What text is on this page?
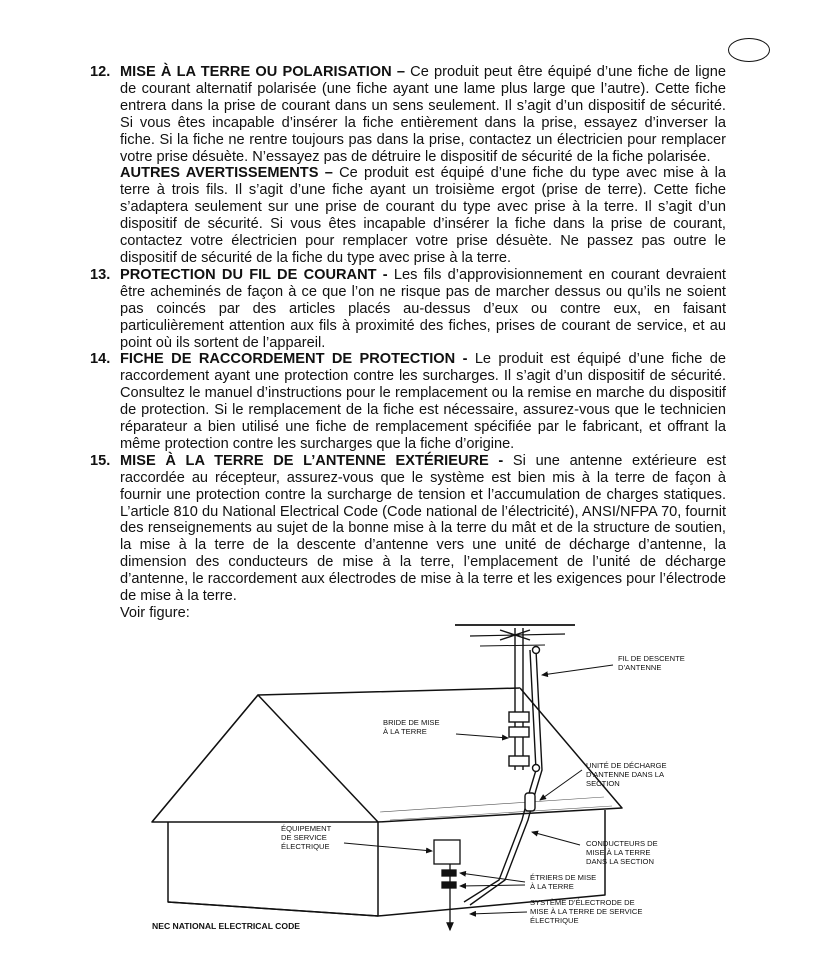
12. MISE À LA TERRE OU POLARISATION – Ce produit peut être équipé d’une fiche de ligne de courant alternatif polarisée (une fiche ayant une lame plus large que l’autre). Cette fiche entrera dans la prise de courant dans un sens seulement. Il s’agit d’un dispositif de sécurité. Si vous êtes incapable d’insérer la fiche entièrement dans la prise, essayez d’inverser la fiche. Si la fiche ne rentre toujours pas dans la prise, contactez un électricien pour remplacer votre prise désuète. N’essayez pas de détruire le dispositif de sécurité de la fiche polarisée.
AUTRES AVERTISSEMENTS – Ce produit est équipé d’une fiche du type avec mise à la terre à trois fils. Il s’agit d’une fiche ayant un troisième ergot (prise de terre). Cette fiche s’adaptera seulement sur une prise de courant du type avec prise à la terre. Il s’agit d’un dispositif de sécurité. Si vous êtes incapable d’insérer la fiche dans la prise de courant, contactez votre électricien pour remplacer votre prise désuète. Ne passez pas outre le dispositif de sécurité de la fiche du type avec prise à la terre.
13. PROTECTION DU FIL DE COURANT - Les fils d’approvisionnement en courant devraient être acheminés de façon à ce que l’on ne risque pas de marcher dessus ou qu’ils ne soient pas coincés par des articles placés au-dessus d’eux ou contre eux, en faisant particulièrement attention aux fils à proximité des fiches, prises de courant de service, et au point où ils sortent de l’appareil.
14. FICHE DE RACCORDEMENT DE PROTECTION - Le produit est équipé d’une fiche de raccordement ayant une protection contre les surcharges. Il s’agit d’un dispositif de sécurité. Consultez le manuel d’instructions pour le remplacement ou la remise en marche du dispositif de protection. Si le remplacement de la fiche est nécessaire, assurez-vous que le technicien réparateur a bien utilisé une fiche de remplacement spécifiée par le fabricant, et offrant la même protection contre les surcharges que la fiche d’origine.
15. MISE À LA TERRE DE L’ANTENNE EXTÉRIEURE - Si une antenne extérieure est raccordée au récepteur, assurez-vous que le système est bien mis à la terre de façon à fournir une protection contre la surcharge de tension et l’accumulation de charges statiques. L’article 810 du National Electrical Code (Code national de l’électricité), ANSI/NFPA 70, fournit des renseignements au sujet de la bonne mise à la terre du mât et de la structure de soutien, la mise à la terre de la descente d’antenne vers une unité de décharge d’antenne, la dimension des conducteurs de mise à la terre, l’emplacement de l’unité de décharge d’antenne, le raccordement aux électrodes de mise à la terre et les exigences pour l’électrode de mise à la terre.
Voir figure:
FIL DE DESCENTE
D’ANTENNE
BRIDE DE MISE
À LA TERRE
UNITÉ DE DÉCHARGE
D’ANTENNE DANS LA
SECTION
ÉQUIPEMENT
DE SERVICE
ÉLECTRIQUE	CONDUCTEURS DE
MISE À LA TERRE
DANS LA SECTION
ÉTRIERS DE MISE
À LA TERRE
SYSTÈME D’ÉLECTRODE DE
MISE À LA TERRE DE SERVICE
ÉLECTRIQUE
NEC NATIONAL ELECTRICAL CODE
